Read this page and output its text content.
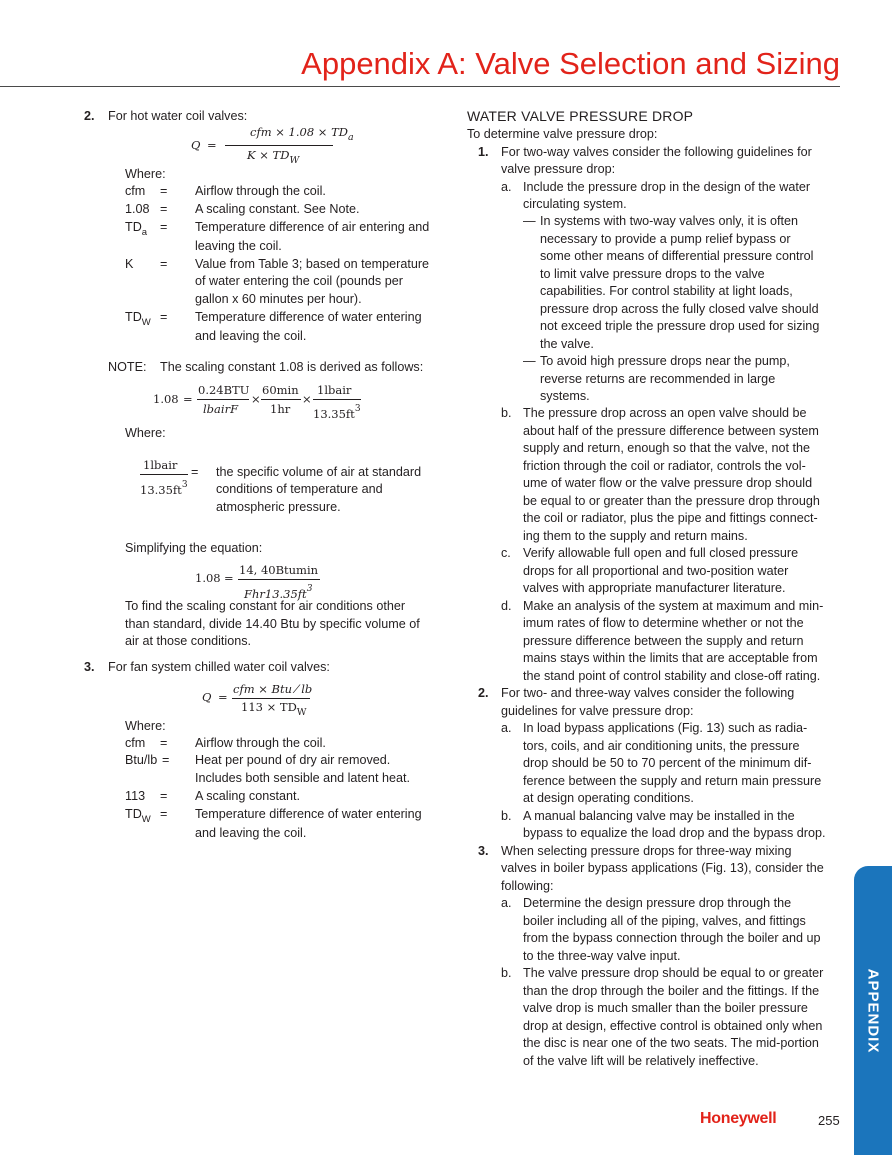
Appendix A: Valve Selection and Sizing
2. For hot water coil valves:
Q =
cfm × $1.08 \times TD_a$
$K \times TD_W$
Where:
cfm = Airflow through the coil.
1.08 = A scaling constant. See Note.
$TD_a$ = Temperature difference of air entering and
leaving the coil.
K = Value from Table 3; based on temperature
of water entering the coil (pounds per
gallon x 60 minutes per hour).
$TD_W$ = Temperature difference of water entering
and leaving the coil.
NOTE: The scaling constant 1.08 is derived as follows:
1.08 =
0.24BTU
lbairF
×
60min
1hr
×
1lbair
$13.35ft^3$
Where:
1lbair
$13.35ft^3$
= the specific volume of air at standard
conditions of temperature and
atmospheric pressure.
Simplifying the equation:
1.08 =
14, 40Btumin
$Fhr13.35ft^3$
To find the scaling constant for air conditions other
than standard, divide 14.40 Btu by specific volume of
air at those conditions.
3. For fan system chilled water coil valves:
Q =
cfm × Btu ⁄ lb
$113 \times TD_W$
Where:
cfm = Airflow through the coil.
Btu/lb = Heat per pound of dry air removed.
Includes both sensible and latent heat.
113 = A scaling constant.
$TD_W$ = Temperature difference of water entering
and leaving the coil.
WATER VALVE PRESSURE DROP
To determine valve pressure drop:
1. For two-way valves consider the following guidelines for
valve pressure drop:
a. Include the pressure drop in the design of the water
circulating system.
— In systems with two-way valves only, it is often
necessary to provide a pump relief bypass or
some other means of differential pressure control
to limit valve pressure drops to the valve
capabilities. For control stability at light loads,
pressure drop across the fully closed valve should
not exceed triple the pressure drop used for sizing
the valve.
— To avoid high pressure drops near the pump,
reverse returns are recommended in large
systems.
b. The pressure drop across an open valve should be
about half of the pressure difference between system
supply and return, enough so that the valve, not the
friction through the coil or radiator, controls the vol-
ume of water flow or the valve pressure drop should
be equal to or greater than the pressure drop through
the coil or radiator, plus the pipe and fittings connect-
ing them to the supply and return mains.
c. Verify allowable full open and full closed pressure
drops for all proportional and two-position water
valves with appropriate manufacturer literature.
d. Make an analysis of the system at maximum and min-
imum rates of flow to determine whether or not the
pressure difference between the supply and return
mains stays within the limits that are acceptable from
the stand point of control stability and close-off rating.
2. For two- and three-way valves consider the following
guidelines for valve pressure drop:
a. In load bypass applications (Fig. 13) such as radia-
tors, coils, and air conditioning units, the pressure
drop should be 50 to 70 percent of the minimum dif-
ference between the supply and return main pressure
at design operating conditions.
b. A manual balancing valve may be installed in the
bypass to equalize the load drop and the bypass drop.
3. When selecting pressure drops for three-way mixing
valves in boiler bypass applications (Fig. 13), consider the
following:
a. Determine the design pressure drop through the
boiler including all of the piping, valves, and fittings
from the bypass connection through the boiler and up
to the three-way valve input.
b. The valve pressure drop should be equal to or greater
than the drop through the boiler and the fittings. If the
valve drop is much smaller than the boiler pressure
drop at design, effective control is obtained only when
the disc is near one of the two seats. The mid-portion
of the valve lift will be relatively ineffective.
APPENDIX
Honeywell	255
